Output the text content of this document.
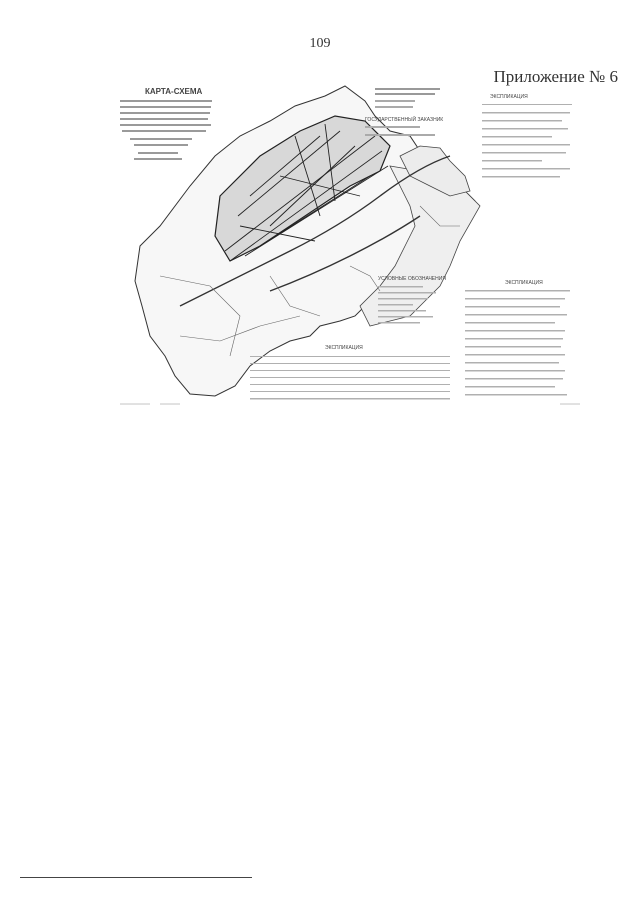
109
Приложение № 6
КАРТА-СХЕМА
ГОСУДАРСТВЕННЫЙ ЗАКАЗНИК
ЭКСПЛИКАЦИЯ
УСЛОВНЫЕ ОБОЗНАЧЕНИЯ
ЭКСПЛИКАЦИЯ
ЭКСПЛИКАЦИЯ
